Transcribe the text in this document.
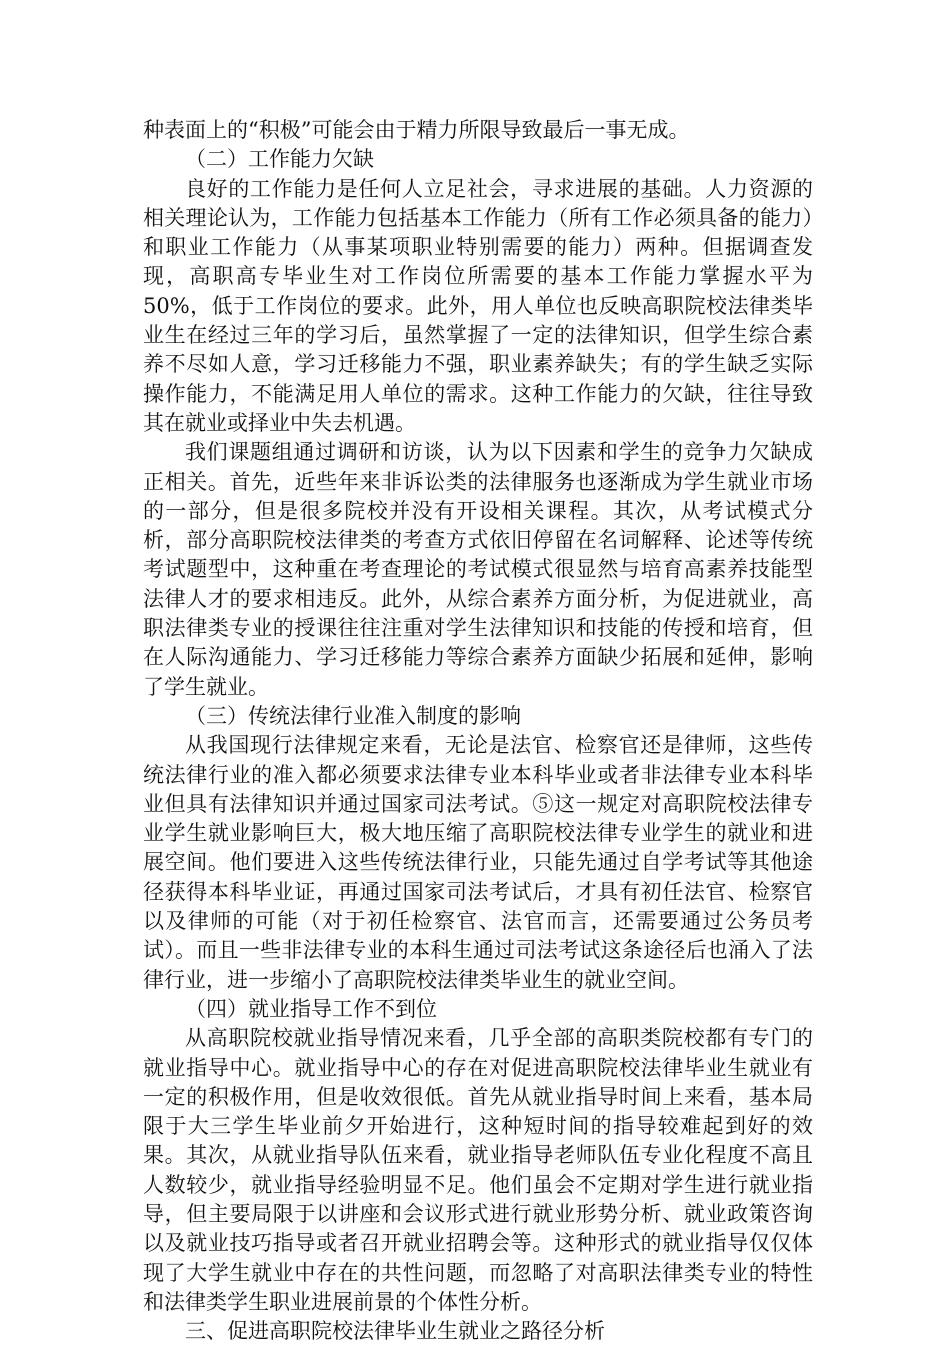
种表面上的“积极”可能会由于精力所限导致最后一事无成。

（二）工作能力欠缺

良好的工作能力是任何人立足社会，寻求进展的基础。人力资源的相关理论认为，工作能力包括基本工作能力（所有工作必须具备的能力）和职业工作能力（从事某项职业特别需要的能力）两种。但据调查发现，高职高专毕业生对工作岗位所需要的基本工作能力掌握水平为50%，低于工作岗位的要求。此外，用人单位也反映高职院校法律类毕业生在经过三年的学习后，虽然掌握了一定的法律知识，但学生综合素养不尽如人意，学习迁移能力不强，职业素养缺失；有的学生缺乏实际操作能力，不能满足用人单位的需求。这种工作能力的欠缺，往往导致其在就业或择业中失去机遇。

我们课题组通过调研和访谈，认为以下因素和学生的竞争力欠缺成正相关。首先，近些年来非诉讼类的法律服务也逐渐成为学生就业市场的一部分，但是很多院校并没有开设相关课程。其次，从考试模式分析，部分高职院校法律类的考查方式依旧停留在名词解释、论述等传统考试题型中，这种重在考查理论的考试模式很显然与培育高素养技能型法律人才的要求相违反。此外，从综合素养方面分析，为促进就业，高职法律类专业的授课往往注重对学生法律知识和技能的传授和培育，但在人际沟通能力、学习迁移能力等综合素养方面缺少拓展和延伸，影响了学生就业。

（三）传统法律行业准入制度的影响

从我国现行法律规定来看，无论是法官、检察官还是律师，这些传统法律行业的准入都必须要求法律专业本科毕业或者非法律专业本科毕业但具有法律知识并通过国家司法考试。⑤这一规定对高职院校法律专业学生就业影响巨大，极大地压缩了高职院校法律专业学生的就业和进展空间。他们要进入这些传统法律行业，只能先通过自学考试等其他途径获得本科毕业证，再通过国家司法考试后，才具有初任法官、检察官以及律师的可能（对于初任检察官、法官而言，还需要通过公务员考试）。而且一些非法律专业的本科生通过司法考试这条途径后也涌入了法律行业，进一步缩小了高职院校法律类毕业生的就业空间。

（四）就业指导工作不到位

从高职院校就业指导情况来看，几乎全部的高职类院校都有专门的就业指导中心。就业指导中心的存在对促进高职院校法律毕业生就业有一定的积极作用，但是收效很低。首先从就业指导时间上来看，基本局限于大三学生毕业前夕开始进行，这种短时间的指导较难起到好的效果。其次，从就业指导队伍来看，就业指导老师队伍专业化程度不高且人数较少，就业指导经验明显不足。他们虽会不定期对学生进行就业指导，但主要局限于以讲座和会议形式进行就业形势分析、就业政策咨询以及就业技巧指导或者召开就业招聘会等。这种形式的就业指导仅仅体现了大学生就业中存在的共性问题，而忽略了对高职法律类专业的特性和法律类学生职业进展前景的个体性分析。

三、促进高职院校法律毕业生就业之路径分析
